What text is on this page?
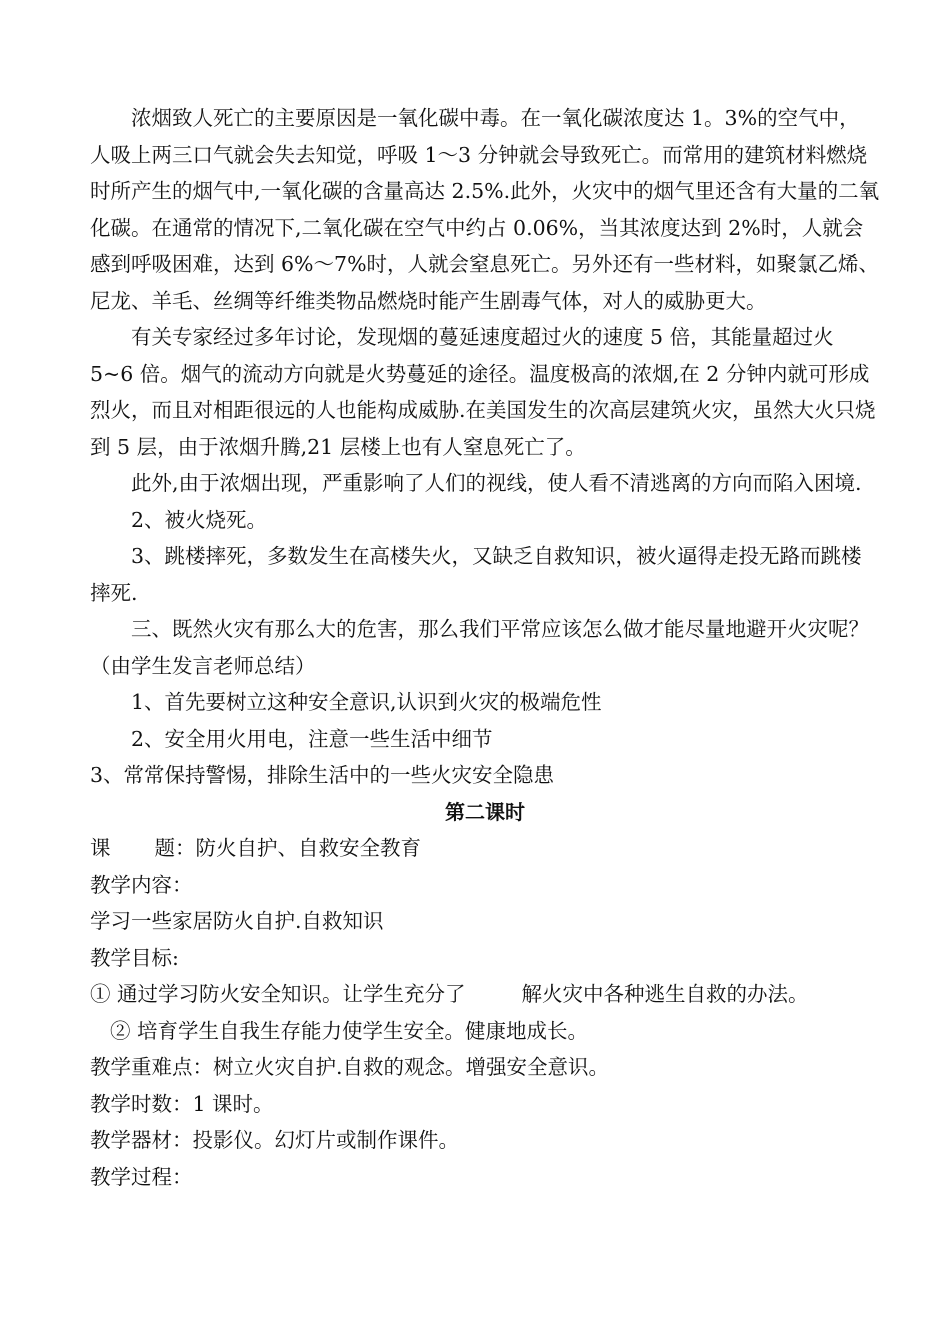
浓烟致人死亡的主要原因是一氧化碳中毒。在一氧化碳浓度达 1。3%的空气中，人吸上两三口气就会失去知觉，呼吸 1～3 分钟就会导致死亡。而常用的建筑材料燃烧时所产生的烟气中,一氧化碳的含量高达 2.5%.此外，火灾中的烟气里还含有大量的二氧化碳。在通常的情况下,二氧化碳在空气中约占 0.06%，当其浓度达到 2%时，人就会感到呼吸困难，达到 6%～7%时，人就会窒息死亡。另外还有一些材料，如聚氯乙烯、尼龙、羊毛、丝绸等纤维类物品燃烧时能产生剧毒气体，对人的威胁更大。

有关专家经过多年讨论，发现烟的蔓延速度超过火的速度 5 倍，其能量超过火 5~6 倍。烟气的流动方向就是火势蔓延的途径。温度极高的浓烟,在 2 分钟内就可形成烈火，而且对相距很远的人也能构成威胁.在美国发生的次高层建筑火灾，虽然大火只烧到 5 层，由于浓烟升腾,21 层楼上也有人窒息死亡了。

此外,由于浓烟出现，严重影响了人们的视线，使人看不清逃离的方向而陷入困境.

2、被火烧死。

3、跳楼摔死，多数发生在高楼失火，又缺乏自救知识，被火逼得走投无路而跳楼摔死.

三、既然火灾有那么大的危害，那么我们平常应该怎么做才能尽量地避开火灾呢？（由学生发言老师总结）

1、首先要树立这种安全意识,认识到火灾的极端危性

2、安全用火用电，注意一些生活中细节

3、常常保持警惕，排除生活中的一些火灾安全隐患

第二课时

课 题：防火自护、自救安全教育

教学内容：

学习一些家居防火自护.自救知识

教学目标:

① 通过学习防火安全知识。让学生充分了	解火灾中各种逃生自救的办法。

② 培育学生自我生存能力使学生安全。健康地成长。

教学重难点：树立火灾自护.自救的观念。增强安全意识。

教学时数：1 课时。

教学器材：投影仪。幻灯片或制作课件。

教学过程：
